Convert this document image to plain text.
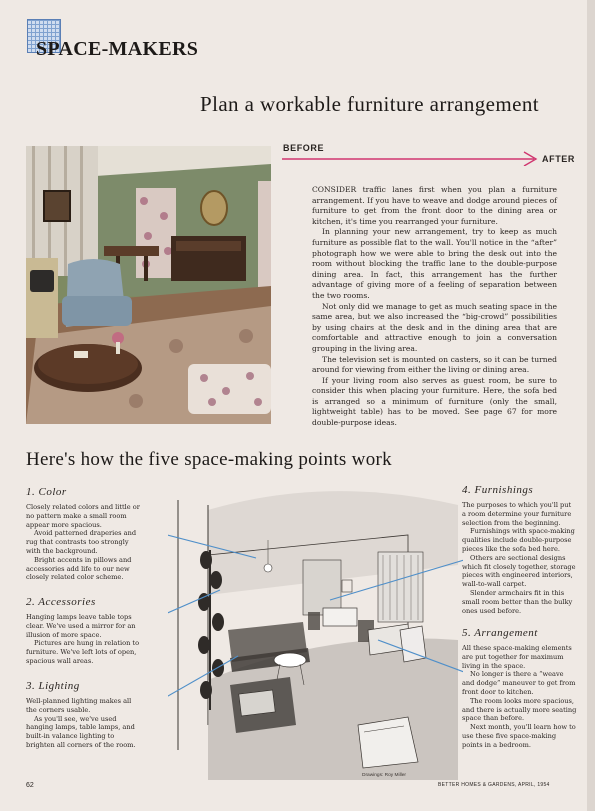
SPACE-MAKERS
Plan a workable furniture arrangement
BEFORE
AFTER

CONSIDER traffic lanes first when you plan a furniture arrangement. If you have to weave and dodge around pieces of furniture to get from the front door to the dining area or kitchen, it's time you rearranged your furniture.

In planning your new arrangement, try to keep as much furniture as possible flat to the wall. You'll notice in the “after” photograph how we were able to bring the desk out into the room without blocking the traffic lane to the double-purpose dining area. In fact, this arrangement has the further advantage of giving more of a feeling of separation between the two rooms.

Not only did we manage to get as much seating space in the same area, but we also increased the “big-crowd” possibilities by using chairs at the desk and in the dining area that are comfortable and attractive enough to join a conversation grouping in the living area.

The television set is mounted on casters, so it can be turned around for viewing from either the living or dining area.

If your living room also serves as guest room, be sure to consider this when placing your furniture. Here, the sofa bed is arranged so a minimum of furniture (only the small, lightweight table) has to be moved. See page 67 for more double-purpose ideas.

Here's how the five space-making points work
1. Color

Closely related colors and little or no pattern make a small room appear more spacious.

Avoid patterned draperies and rug that contrasts too strongly with the background.

Bright accents in pillows and accessories add life to our new closely related color scheme.

2. Accessories

Hanging lamps leave table tops clear. We've used a mirror for an illusion of more space.

Pictures are hung in relation to furniture. We've left lots of open, spacious wall areas.

3. Lighting

Well-planned lighting makes all the corners usable.

As you'll see, we've used hanging lamps, table lamps, and built-in valance lighting to brighten all corners of the room.

4. Furnishings

The purposes to which you'll put a room determine your furniture selection from the beginning.

Furnishings with space-making qualities include double-purpose pieces like the sofa bed here.

Others are sectional designs which fit closely together, storage pieces with engineered interiors, wall-to-wall carpet.

Slender armchairs fit in this small room better than the bulky ones used before.

5. Arrangement

All these space-making elements are put together for maximum living in the space.

No longer is there a “weave and dodge” maneuver to get from front door to kitchen.

The room looks more spacious, and there is actually more seating space than before.

Next month, you'll learn how to use these five space-making points in a bedroom.

Drawings: Roy Miller
62	BETTER HOMES & GARDENS, APRIL, 1954
